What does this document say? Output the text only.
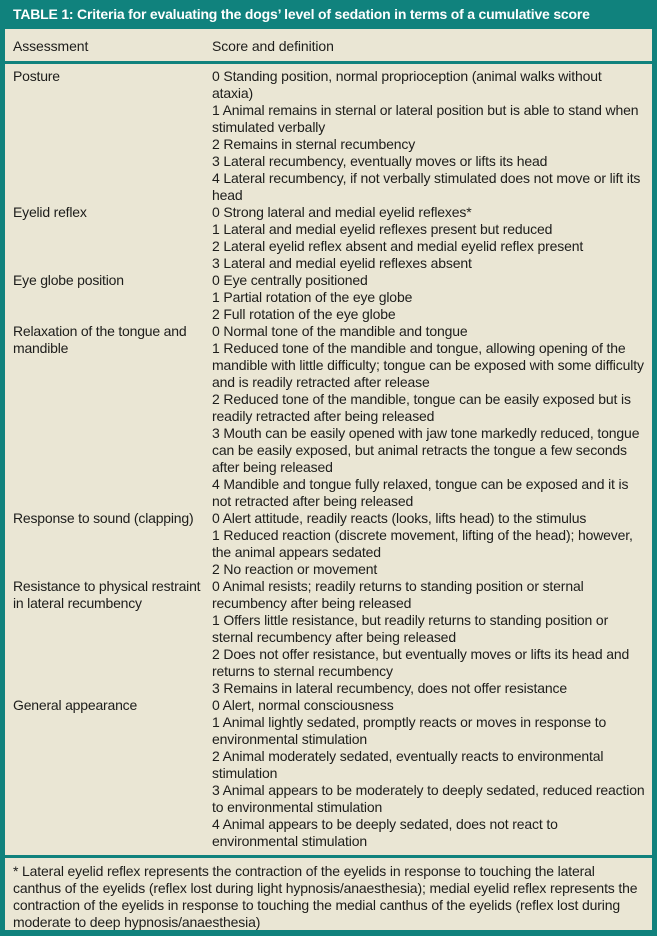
TABLE 1: Criteria for evaluating the dogs’ level of sedation in terms of a cumulative score
Assessment	Score and definition
Posture	0 Standing position, normal proprioception (animal walks without ataxia)
1 Animal remains in sternal or lateral position but is able to stand when stimulated verbally
2 Remains in sternal recumbency
3 Lateral recumbency, eventually moves or lifts its head
4 Lateral recumbency, if not verbally stimulated does not move or lift its head
Eyelid reflex	0 Strong lateral and medial eyelid reflexes*
1 Lateral and medial eyelid reflexes present but reduced
2 Lateral eyelid reflex absent and medial eyelid reflex present
3 Lateral and medial eyelid reflexes absent
Eye globe position	0 Eye centrally positioned
1 Partial rotation of the eye globe
2 Full rotation of the eye globe
Relaxation of the tongue and mandible
0 Normal tone of the mandible and tongue
1 Reduced tone of the mandible and tongue, allowing opening of the mandible with little difficulty; tongue can be exposed with some difficulty and is readily retracted after release
2 Reduced tone of the mandible, tongue can be easily exposed but is readily retracted after being released
3 Mouth can be easily opened with jaw tone markedly reduced, tongue can be easily exposed, but animal retracts the tongue a few seconds after being released
4 Mandible and tongue fully relaxed, tongue can be exposed and it is not retracted after being released
Response to sound (clapping)	0 Alert attitude, readily reacts (looks, lifts head) to the stimulus
1 Reduced reaction (discrete movement, lifting of the head); however, the animal appears sedated
2 No reaction or movement
Resistance to physical restraint in lateral recumbency
0 Animal resists; readily returns to standing position or sternal recumbency after being released
1 Offers little resistance, but readily returns to standing position or sternal recumbency after being released
2 Does not offer resistance, but eventually moves or lifts its head and returns to sternal recumbency
3 Remains in lateral recumbency, does not offer resistance
General appearance	0 Alert, normal consciousness
1 Animal lightly sedated, promptly reacts or moves in response to environmental stimulation
2 Animal moderately sedated, eventually reacts to environmental stimulation
3 Animal appears to be moderately to deeply sedated, reduced reaction to environmental stimulation
4 Animal appears to be deeply sedated, does not react to environmental stimulation
* Lateral eyelid reflex represents the contraction of the eyelids in response to touching the lateral canthus of the eyelids (reflex lost during light hypnosis/anaesthesia); medial eyelid reflex represents the contraction of the eyelids in response to touching the medial canthus of the eyelids (reflex lost during moderate to deep hypnosis/anaesthesia)
